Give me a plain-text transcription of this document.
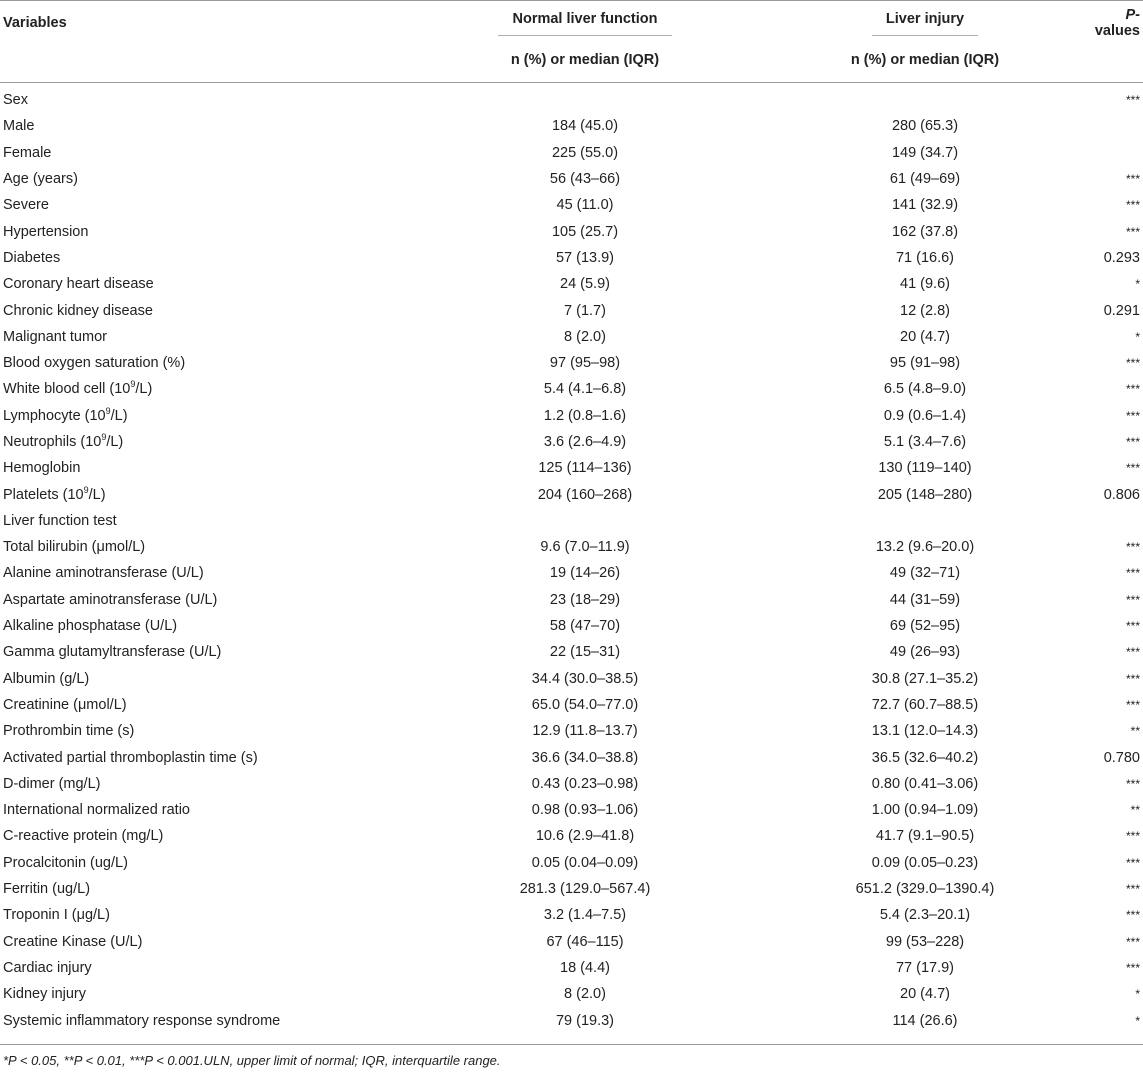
Variables	Normal liver function	Liver injury	P-values
	n (%) or median (IQR)	n (%) or median (IQR)	
Sex			***
Male	184 (45.0)	280 (65.3)	
Female	225 (55.0)	149 (34.7)	
Age (years)	56 (43–66)	61 (49–69)	***
Severe	45 (11.0)	141 (32.9)	***
Hypertension	105 (25.7)	162 (37.8)	***
Diabetes	57 (13.9)	71 (16.6)	0.293
Coronary heart disease	24 (5.9)	41 (9.6)	*
Chronic kidney disease	7 (1.7)	12 (2.8)	0.291
Malignant tumor	8 (2.0)	20 (4.7)	*
Blood oxygen saturation (%)	97 (95–98)	95 (91–98)	***
White blood cell $(10^9/L)$	5.4 (4.1–6.8)	6.5 (4.8–9.0)	***
Lymphocyte $(10^9/L)$	1.2 (0.8–1.6)	0.9 (0.6–1.4)	***
Neutrophils $(10^9/L)$	3.6 (2.6–4.9)	5.1 (3.4–7.6)	***
Hemoglobin	125 (114–136)	130 (119–140)	***
Platelets $(10^9/L)$	204 (160–268)	205 (148–280)	0.806
Liver function test			
Total bilirubin (μmol/L)	9.6 (7.0–11.9)	13.2 (9.6–20.0)	***
Alanine aminotransferase (U/L)	19 (14–26)	49 (32–71)	***
Aspartate aminotransferase (U/L)	23 (18–29)	44 (31–59)	***
Alkaline phosphatase (U/L)	58 (47–70)	69 (52–95)	***
Gamma glutamyltransferase (U/L)	22 (15–31)	49 (26–93)	***
Albumin (g/L)	34.4 (30.0–38.5)	30.8 (27.1–35.2)	***
Creatinine (μmol/L)	65.0 (54.0–77.0)	72.7 (60.7–88.5)	***
Prothrombin time (s)	12.9 (11.8–13.7)	13.1 (12.0–14.3)	**
Activated partial thromboplastin time (s)	36.6 (34.0–38.8)	36.5 (32.6–40.2)	0.780
D-dimer (mg/L)	0.43 (0.23–0.98)	0.80 (0.41–3.06)	***
International normalized ratio	0.98 (0.93–1.06)	1.00 (0.94–1.09)	**
C-reactive protein (mg/L)	10.6 (2.9–41.8)	41.7 (9.1–90.5)	***
Procalcitonin (ug/L)	0.05 (0.04–0.09)	0.09 (0.05–0.23)	***
Ferritin (ug/L)	281.3 (129.0–567.4)	651.2 (329.0–1390.4)	***
Troponin I (μg/L)	3.2 (1.4–7.5)	5.4 (2.3–20.1)	***
Creatine Kinase (U/L)	67 (46–115)	99 (53–228)	***
Cardiac injury	18 (4.4)	77 (17.9)	***
Kidney injury	8 (2.0)	20 (4.7)	*
Systemic inflammatory response syndrome	79 (19.3)	114 (26.6)	*
*P < 0.05, **P < 0.01, ***P < 0.001.ULN, upper limit of normal; IQR, interquartile range.			
